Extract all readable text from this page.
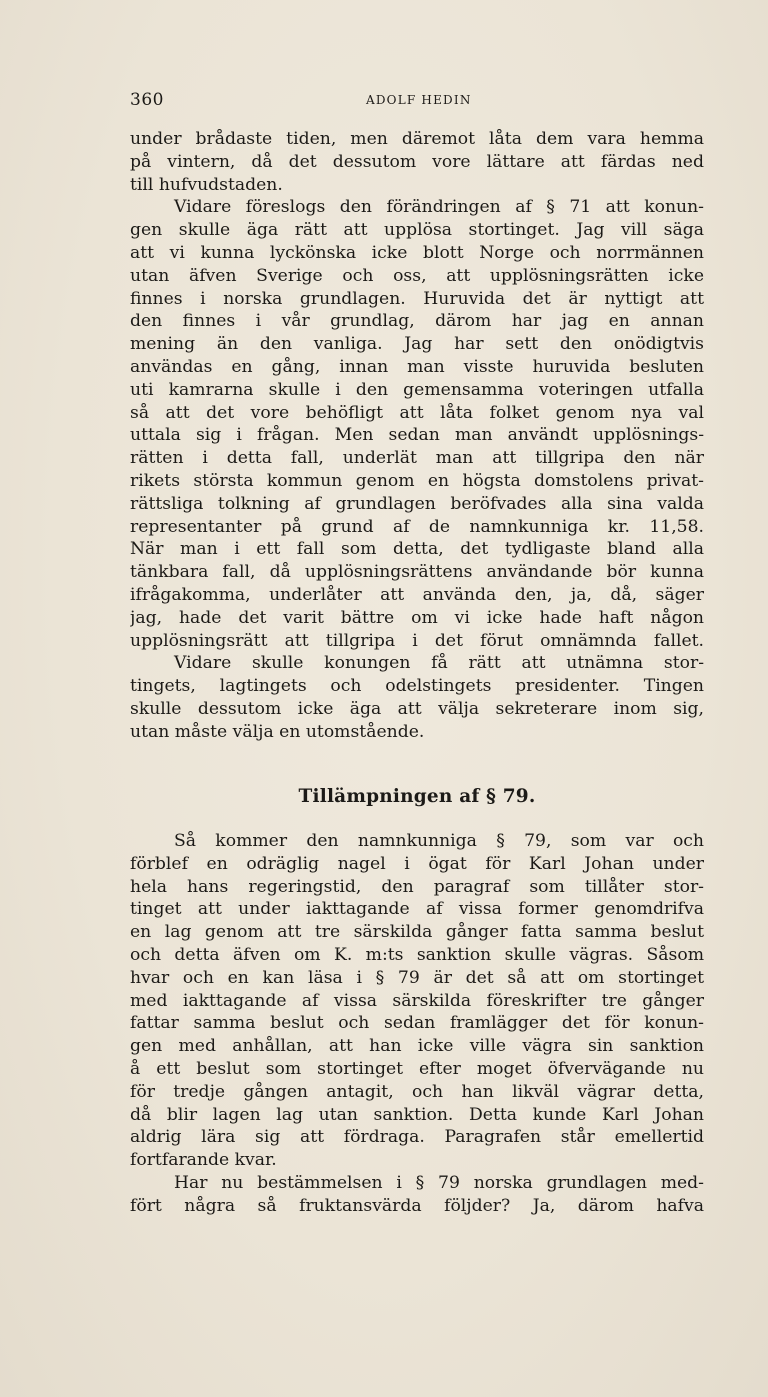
360	ADOLF HEDIN
under brådaste tiden, men däremot låta dem vara hemma
på vintern, då det dessutom vore lättare att färdas ned
till hufvudstaden.
Vidare föreslogs den förändringen af § 71 att konun-
gen skulle äga rätt att upplösa stortinget. Jag vill säga
att vi kunna lyckönska icke blott Norge och norrmännen
utan äfven Sverige och oss, att upplösningsrätten icke
finnes i norska grundlagen. Huruvida det är nyttigt att
den finnes i vår grundlag, därom har jag en annan
mening än den vanliga. Jag har sett den onödigtvis
användas en gång, innan man visste huruvida besluten
uti kamrarna skulle i den gemensamma voteringen utfalla
så att det vore behöfligt att låta folket genom nya val
uttala sig i frågan. Men sedan man användt upplösnings-
rätten i detta fall, underlät man att tillgripa den när
rikets största kommun genom en högsta domstolens privat-
rättsliga tolkning af grundlagen beröfvades alla sina valda
representanter på grund af de namnkunniga kr. 11,58.
När man i ett fall som detta, det tydligaste bland alla
tänkbara fall, då upplösningsrättens användande bör kunna
ifrågakomma, underlåter att använda den, ja, då, säger
jag, hade det varit bättre om vi icke hade haft någon
upplösningsrätt att tillgripa i det förut omnämnda fallet.
Vidare skulle konungen få rätt att utnämna stor-
tingets, lagtingets och odelstingets presidenter. Tingen
skulle dessutom icke äga att välja sekreterare inom sig,
utan måste välja en utomstående.
Tillämpningen af § 79.
Så kommer den namnkunniga § 79, som var och
förblef en odräglig nagel i ögat för Karl Johan under
hela hans regeringstid, den paragraf som tillåter stor-
tinget att under iakttagande af vissa former genomdrifva
en lag genom att tre särskilda gånger fatta samma beslut
och detta äfven om K. m:ts sanktion skulle vägras. Såsom
hvar och en kan läsa i § 79 är det så att om stortinget
med iakttagande af vissa särskilda föreskrifter tre gånger
fattar samma beslut och sedan framlägger det för konun-
gen med anhållan, att han icke ville vägra sin sanktion
å ett beslut som stortinget efter moget öfvervägande nu
för tredje gången antagit, och han likväl vägrar detta,
då blir lagen lag utan sanktion. Detta kunde Karl Johan
aldrig lära sig att fördraga. Paragrafen står emellertid
fortfarande kvar.
Har nu bestämmelsen i § 79 norska grundlagen med-
fört några så fruktansvärda följder? Ja, därom hafva
